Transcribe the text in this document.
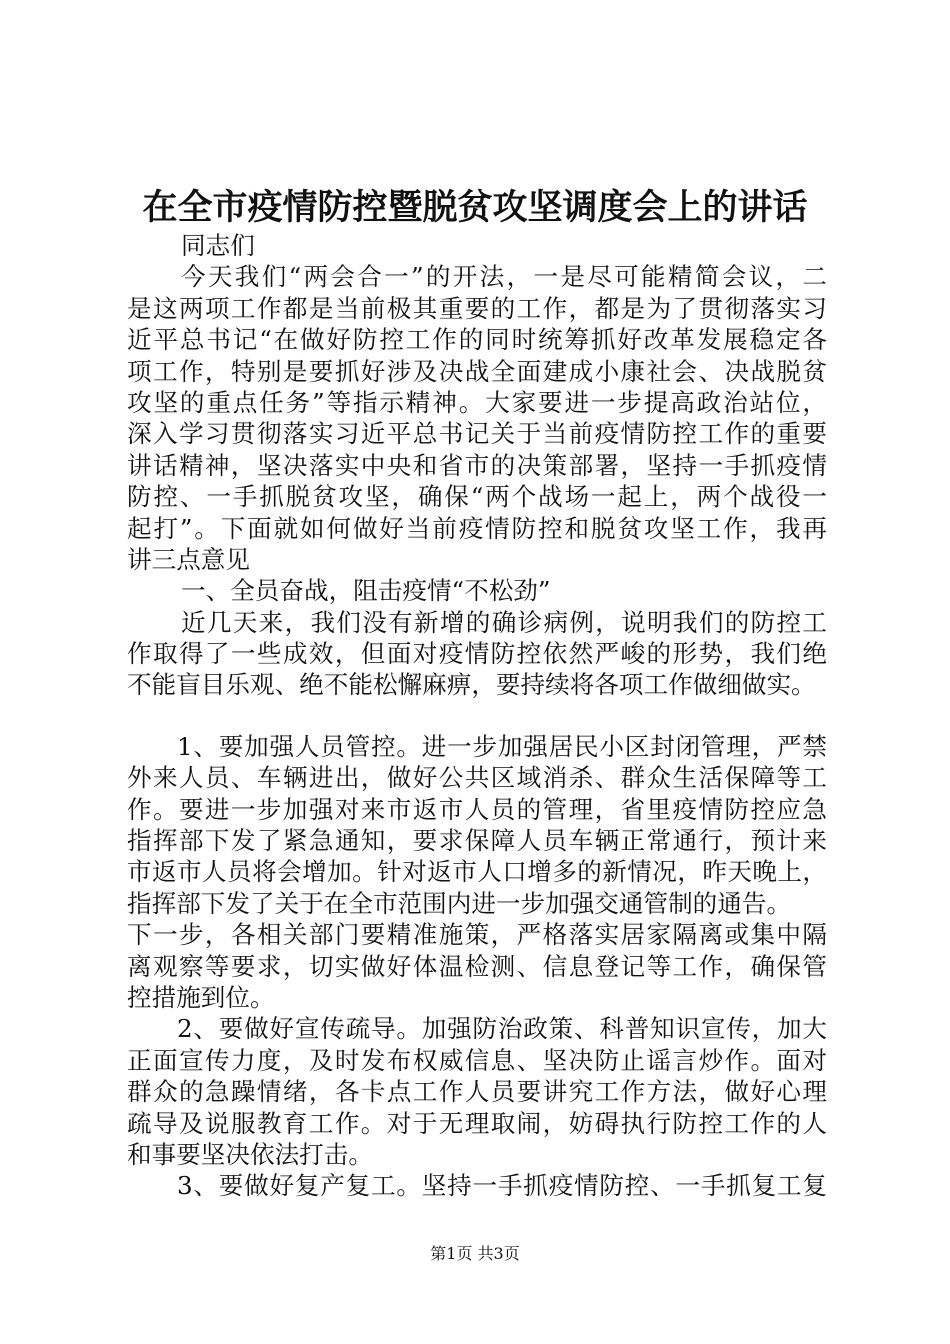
在全市疫情防控暨脱贫攻坚调度会上的讲话
同志们
今天我们“两会合一”的开法，一是尽可能精简会议，二
是这两项工作都是当前极其重要的工作，都是为了贯彻落实习
近平总书记“在做好防控工作的同时统筹抓好改革发展稳定各
项工作，特别是要抓好涉及决战全面建成小康社会、决战脱贫
攻坚的重点任务”等指示精神。大家要进一步提高政治站位，
深入学习贯彻落实习近平总书记关于当前疫情防控工作的重要
讲话精神，坚决落实中央和省市的决策部署，坚持一手抓疫情
防控、一手抓脱贫攻坚，确保“两个战场一起上，两个战役一
起打”。下面就如何做好当前疫情防控和脱贫攻坚工作，我再
讲三点意见
一、全员奋战，阻击疫情“不松劲”
近几天来，我们没有新增的确诊病例，说明我们的防控工
作取得了一些成效，但面对疫情防控依然严峻的形势，我们绝
不能盲目乐观、绝不能松懈麻痹，要持续将各项工作做细做实。
1、要加强人员管控。进一步加强居民小区封闭管理，严禁
外来人员、车辆进出，做好公共区域消杀、群众生活保障等工
作。要进一步加强对来市返市人员的管理，省里疫情防控应急
指挥部下发了紧急通知，要求保障人员车辆正常通行，预计来
市返市人员将会增加。针对返市人口增多的新情况，昨天晚上，
指挥部下发了关于在全市范围内进一步加强交通管制的通告。
下一步，各相关部门要精准施策，严格落实居家隔离或集中隔
离观察等要求，切实做好体温检测、信息登记等工作，确保管
控措施到位。
2、要做好宣传疏导。加强防治政策、科普知识宣传，加大
正面宣传力度，及时发布权威信息、坚决防止谣言炒作。面对
群众的急躁情绪，各卡点工作人员要讲究工作方法，做好心理
疏导及说服教育工作。对于无理取闹，妨碍执行防控工作的人
和事要坚决依法打击。
3、要做好复产复工。坚持一手抓疫情防控、一手抓复工复
第1页 共3页
